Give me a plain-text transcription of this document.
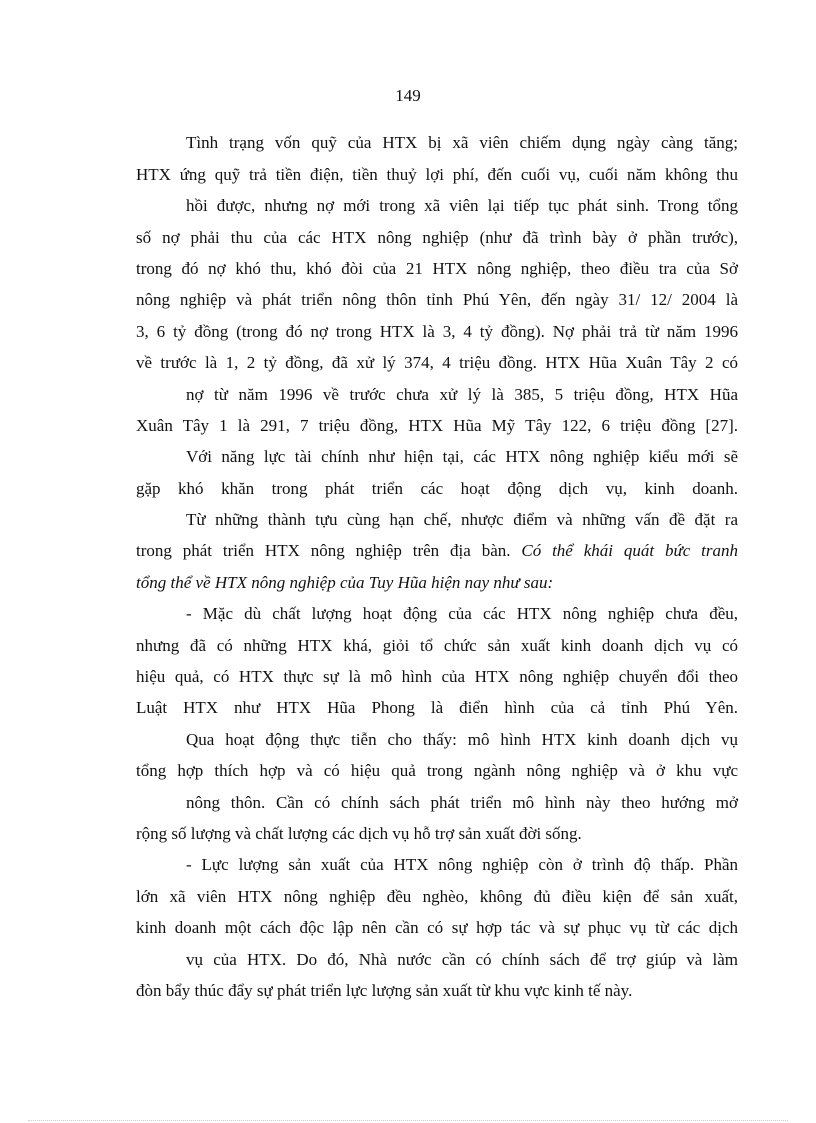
149
Tình trạng vốn quỹ của HTX bị xã viên chiếm dụng ngày càng tăng;
HTX ứng quỹ trả tiền điện, tiền thuỷ lợi phí, đến cuối vụ, cuối năm không thu
hồi được, nhưng nợ mới trong xã viên lại tiếp tục phát sinh. Trong tổng
số nợ phải thu của các HTX nông nghiệp (như đã trình bày ở phần trước),
trong đó nợ khó thu, khó đòi của 21 HTX nông nghiệp, theo điều tra của Sở
nông nghiệp và phát triển nông thôn tỉnh Phú Yên, đến ngày 31/ 12/ 2004 là
3, 6 tỷ đồng (trong đó nợ trong HTX là 3, 4 tỷ đồng). Nợ phải trả từ năm 1996
về trước là 1, 2 tỷ đồng, đã xử lý 374, 4 triệu đồng. HTX Hũa Xuân Tây 2 có
nợ từ năm 1996 về trước chưa xử lý là 385, 5 triệu đồng, HTX Hũa
Xuân Tây 1 là 291, 7 triệu đồng, HTX Hũa Mỹ Tây 122, 6 triệu đồng [27].
Với năng lực tài chính như hiện tại, các HTX nông nghiệp kiểu mới sẽ
gặp khó khăn trong phát triển các hoạt động dịch vụ, kinh doanh.
Từ những thành tựu cùng hạn chế, nhược điểm và những vấn đề đặt ra
trong phát triển HTX nông nghiệp trên địa bàn. Có thể khái quát bức tranh
tổng thể về HTX nông nghiệp của Tuy Hũa hiện nay như sau:
- Mặc dù chất lượng hoạt động của các HTX nông nghiệp chưa đều,
nhưng đã có những HTX khá, giỏi tổ chức sản xuất kinh doanh dịch vụ có
hiệu quả, có HTX thực sự là mô hình của HTX nông nghiệp chuyển đổi theo
Luật HTX như HTX Hũa Phong là điển hình của cả tỉnh Phú Yên.
Qua hoạt động thực tiễn cho thấy: mô hình HTX kinh doanh dịch vụ
tổng hợp thích hợp và có hiệu quả trong ngành nông nghiệp và ở khu vực
nông thôn. Cần có chính sách phát triển mô hình này theo hướng mở
rộng số lượng và chất lượng các dịch vụ hỗ trợ sản xuất đời sống.
- Lực lượng sản xuất của HTX nông nghiệp còn ở trình độ thấp. Phần
lớn xã viên HTX nông nghiệp đều nghèo, không đủ điều kiện để sản xuất,
kinh doanh một cách độc lập nên cần có sự hợp tác và sự phục vụ từ các dịch
vụ của HTX. Do đó, Nhà nước cần có chính sách để trợ giúp và làm
đòn bẩy thúc đẩy sự phát triển lực lượng sản xuất từ khu vực kinh tế này.
